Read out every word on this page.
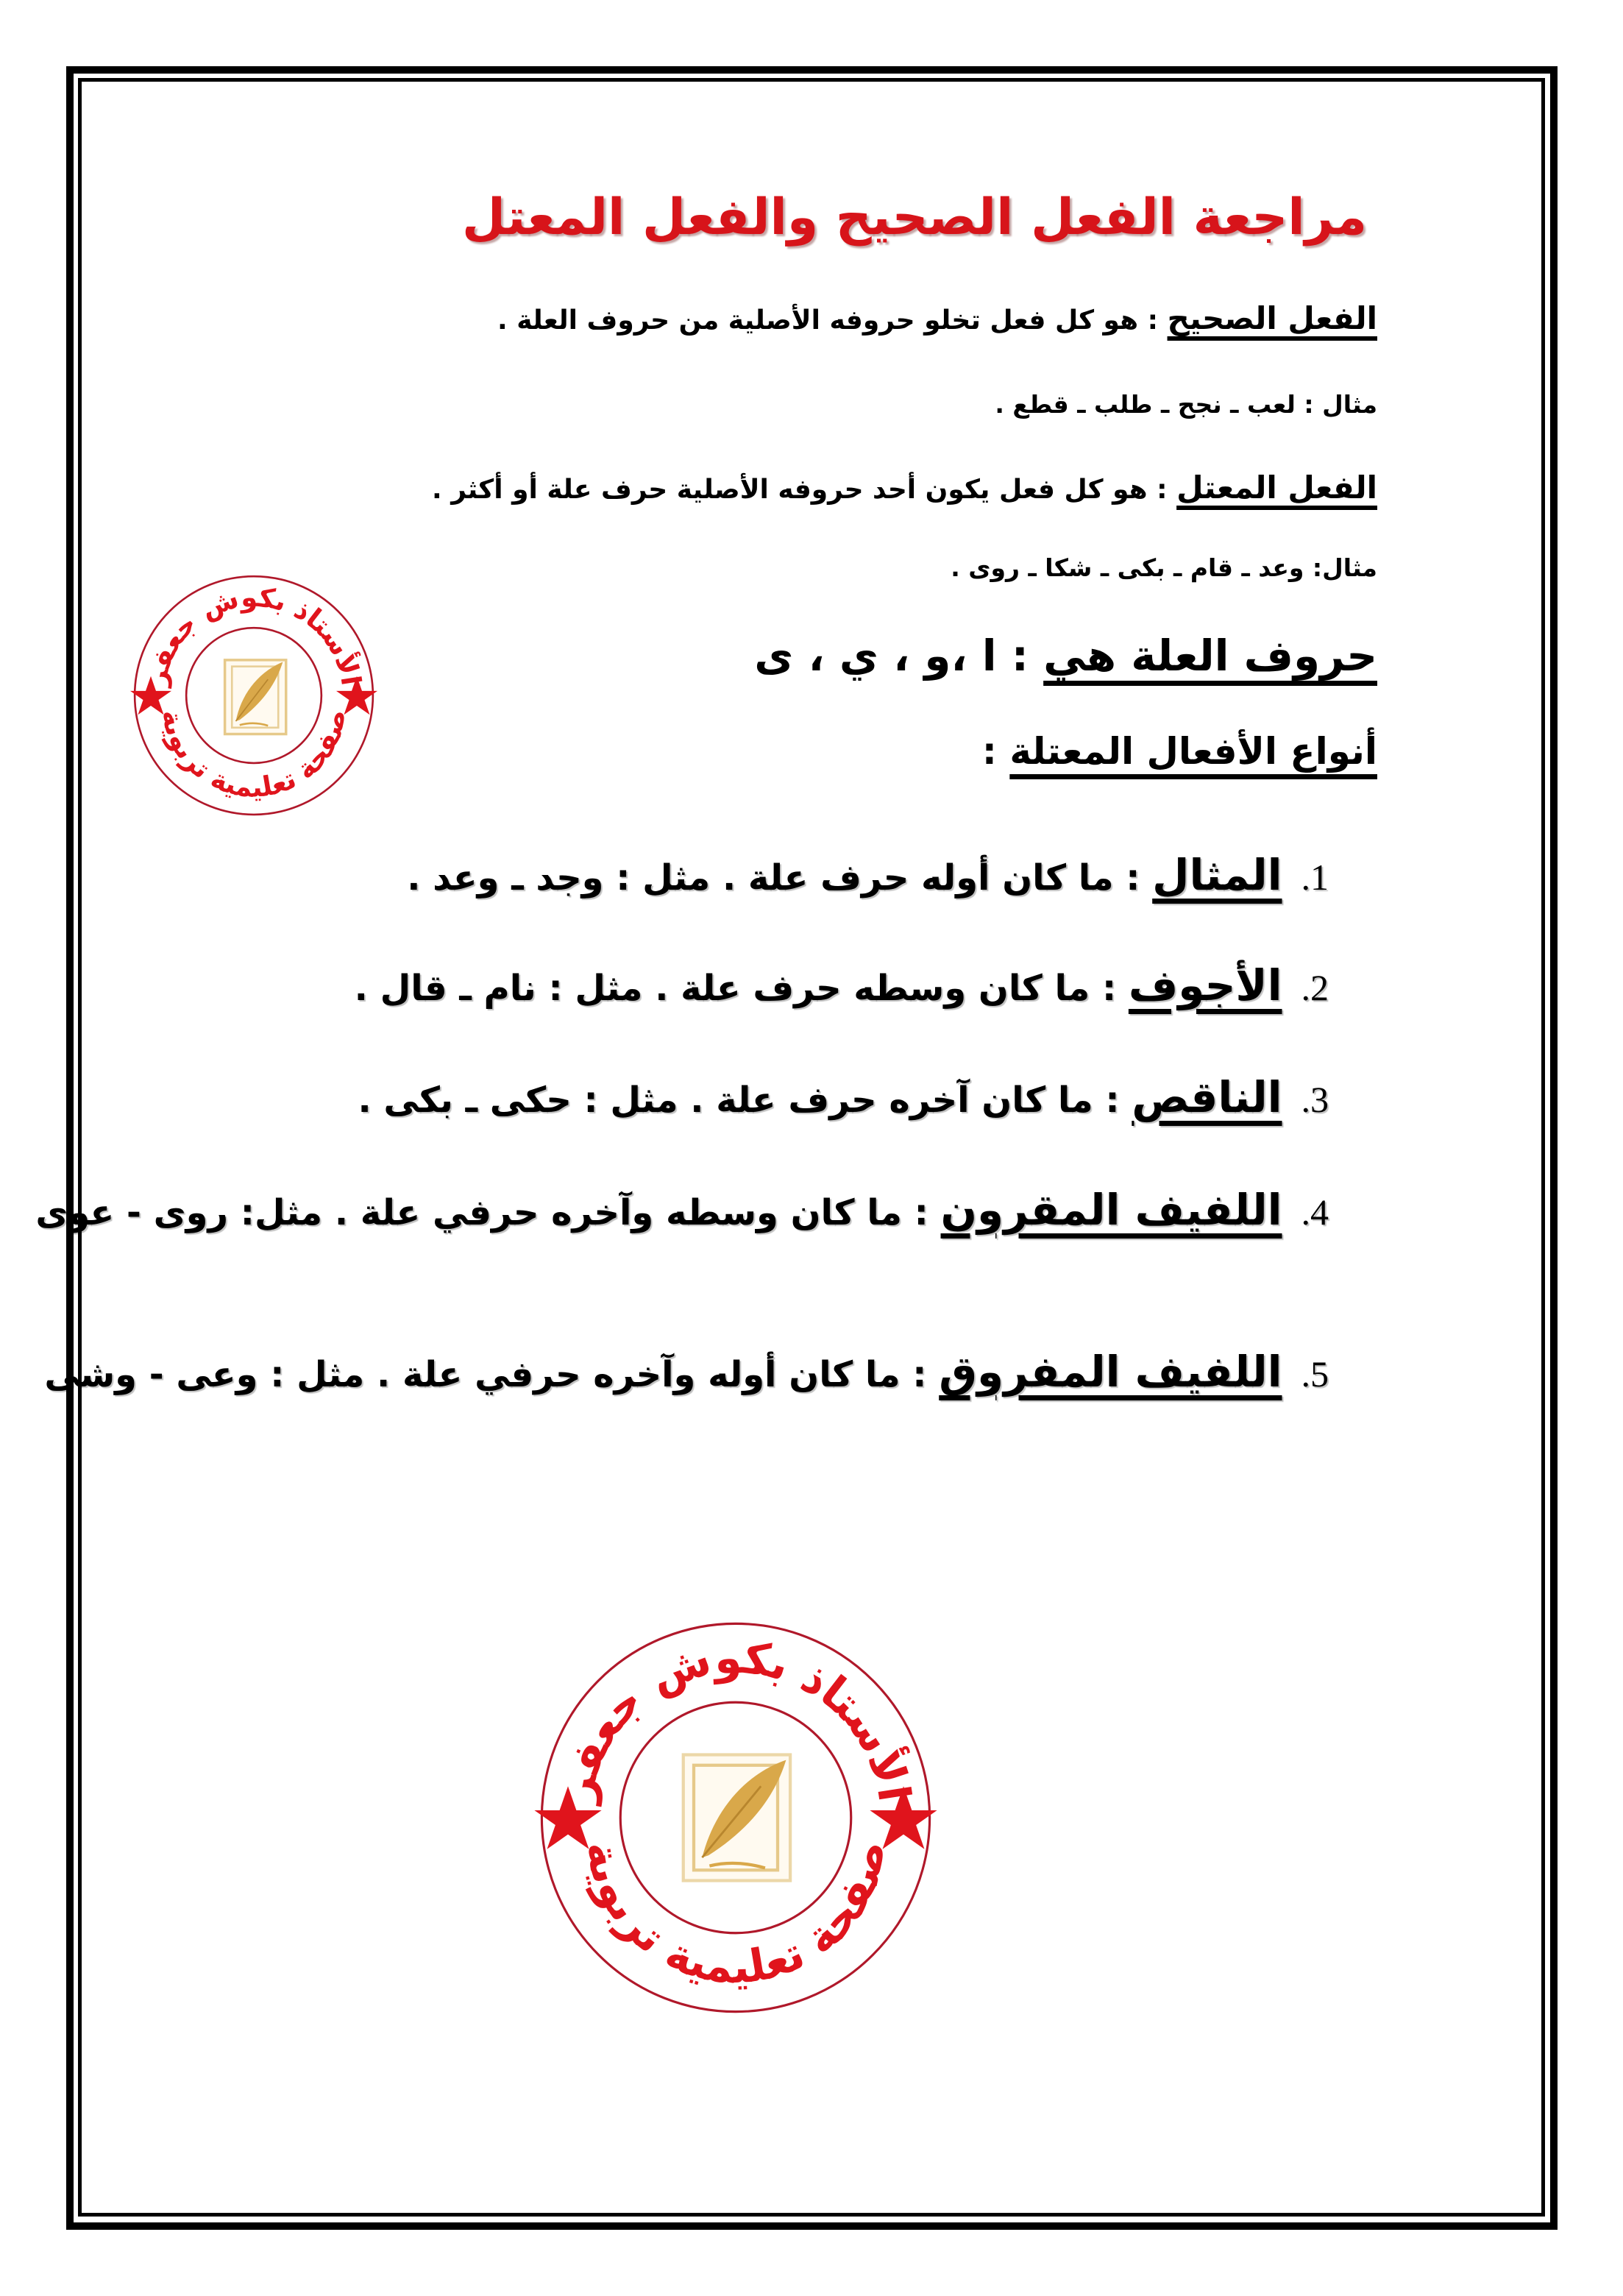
مراجعة الفعل الصحيح والفعل المعتل
الفعل الصحيح : هو كل فعل تخلو حروفه الأصلية من حروف العلة .
مثال : لعب ـ نجح ـ طلب ـ قطع .
الفعل المعتل : هو كل فعل يكون أحد حروفه الأصلية حرف علة أو أكثر .
مثال: وعد ـ قام ـ بكى ـ شكا ـ روى .
حروف العلة هي : ا ،و ، ي ، ى
أنواع الأفعال المعتلة :
1.المثال : ما كان أوله حرف علة . مثل : وجد ـ وعد .
2.الأجوف : ما كان وسطه حرف علة . مثل : نام ـ قال .
3.الناقص : ما كان آخره حرف علة . مثل : حكى ـ بكى .
4.اللفيف المقرون : ما كان وسطه وآخره حرفي علة . مثل: روى - عوى
5.اللفيف المفروق : ما كان أوله وآخره حرفي علة . مثل : وعى - وشى
الأستاذ بكوش جعفر
صفحة تعليمية تربوية
الأستاذ بكوش جعفر
صفحة تعليمية تربوية
